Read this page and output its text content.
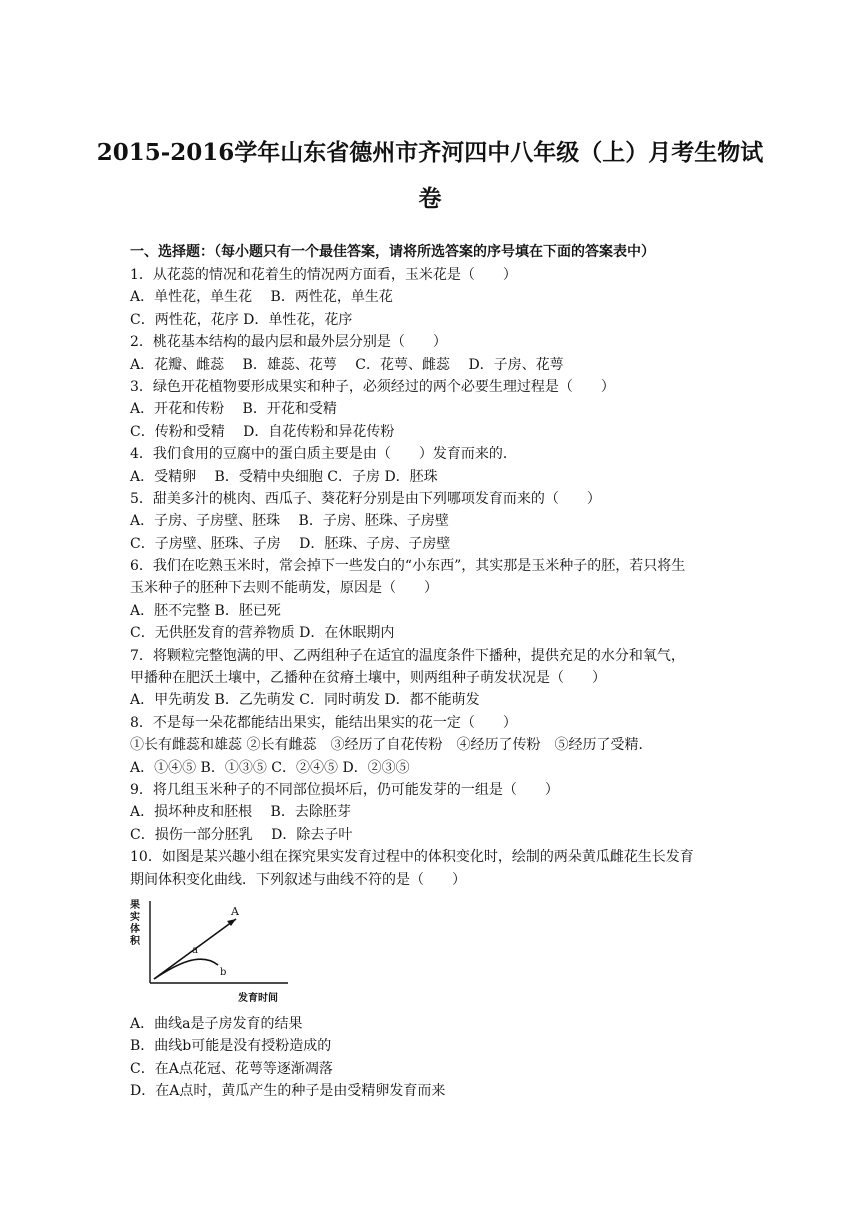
2015-2016学年山东省德州市齐河四中八年级（上）月考生物试
卷
一、选择题：（每小题只有一个最佳答案，请将所选答案的序号填在下面的答案表中）
1．从花蕊的情况和花着生的情况两方面看，玉米花是（　　）
A．单性花，单生花　 B．两性花，单生花
C．两性花，花序 D．单性花，花序
2．桃花基本结构的最内层和最外层分别是（　　）
A．花瓣、雌蕊　 B．雄蕊、花萼　 C．花萼、雌蕊　 D．子房、花萼
3．绿色开花植物要形成果实和种子，必须经过的两个必要生理过程是（　　）
A．开花和传粉　 B．开花和受精
C．传粉和受精　 D．自花传粉和异花传粉
4．我们食用的豆腐中的蛋白质主要是由（　　）发育而来的．
A．受精卵　 B．受精中央细胞 C．子房 D．胚珠
5．甜美多汁的桃肉、西瓜子、葵花籽分别是由下列哪项发育而来的（　　）
A．子房、子房壁、胚珠　 B．子房、胚珠、子房壁
C．子房壁、胚珠、子房　 D．胚珠、子房、子房壁
6．我们在吃熟玉米时，常会掉下一些发白的“小东西”，其实那是玉米种子的胚，若只将生
玉米种子的胚种下去则不能萌发，原因是（　　）
A．胚不完整 B．胚已死
C．无供胚发育的营养物质 D．在休眠期内
7．将颗粒完整饱满的甲、乙两组种子在适宜的温度条件下播种，提供充足的水分和氧气，
甲播种在肥沃土壤中，乙播种在贫瘠土壤中，则两组种子萌发状况是（　　）
A．甲先萌发 B．乙先萌发 C．同时萌发 D．都不能萌发
8．不是每一朵花都能结出果实，能结出果实的花一定（　　）
①长有雌蕊和雄蕊 ②长有雌蕊　③经历了自花传粉　④经历了传粉　⑤经历了受精．
A．①④⑤ B．①③⑤ C．②④⑤ D．②③⑤
9．将几组玉米种子的不同部位损坏后，仍可能发芽的一组是（　　）
A．损坏种皮和胚根　 B．去除胚芽
C．损伤一部分胚乳　 D．除去子叶
10．如图是某兴趣小组在探究果实发育过程中的体积变化时，绘制的两朵黄瓜雌花生长发育
期间体积变化曲线．下列叙述与曲线不符的是（　　）
果 实 体 积
A
a
b
发育时间
A．曲线a是子房发育的结果
B．曲线b可能是没有授粉造成的
C．在A点花冠、花萼等逐渐凋落
D．在A点时，黄瓜产生的种子是由受精卵发育而来
